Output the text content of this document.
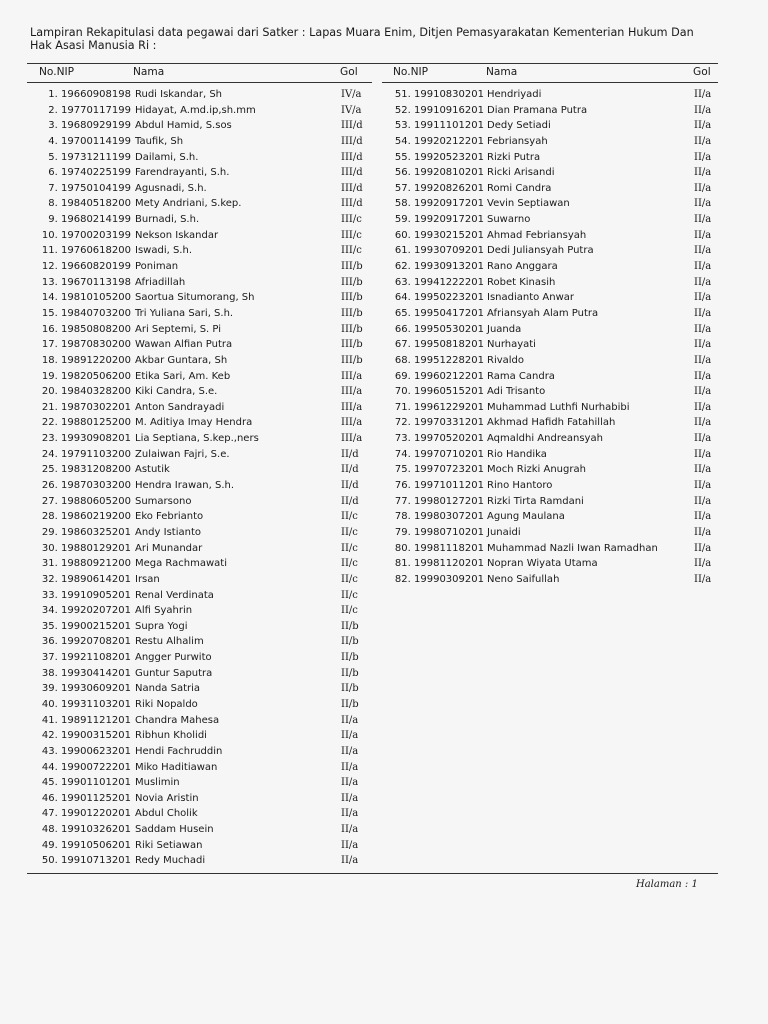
Lampiran Rekapitulasi data pegawai dari Satker : Lapas Muara Enim, Ditjen Pemasyarakatan Kementerian Hukum Dan
Hak Asasi Manusia Ri :
No.NIP	Nama	Gol
1. 19660908198 Rudi Iskandar, Sh	IV/a
2. 19770117199 Hidayat, A.md.ip,sh.mm	IV/a
3. 19680929199 Abdul Hamid, S.sos	III/d
4. 19700114199 Taufik, Sh	III/d
5. 19731211199 Dailami, S.h.	III/d
6. 19740225199 Farendrayanti, S.h.	III/d
7. 19750104199 Agusnadi, S.h.	III/d
8. 19840518200 Mety Andriani, S.kep.	III/d
9. 19680214199 Burnadi, S.h.	III/c
10. 19700203199 Nekson Iskandar	III/c
11. 19760618200 Iswadi, S.h.	III/c
12. 19660820199 Poniman	III/b
13. 19670113198 Afriadillah	III/b
14. 19810105200 Saortua Situmorang, Sh	III/b
15. 19840703200 Tri Yuliana Sari, S.h.	III/b
16. 19850808200 Ari Septemi, S. Pi	III/b
17. 19870830200 Wawan Alfian Putra	III/b
18. 19891220200 Akbar Guntara, Sh	III/b
19. 19820506200 Etika Sari, Am. Keb	III/a
20. 19840328200 Kiki Candra, S.e.	III/a
21. 19870302201 Anton Sandrayadi	III/a
22. 19880125200 M. Aditiya Imay Hendra	III/a
23. 19930908201 Lia Septiana, S.kep.,ners	III/a
24. 19791103200 Zulaiwan Fajri, S.e.	II/d
25. 19831208200 Astutik	II/d
26. 19870303200 Hendra Irawan, S.h.	II/d
27. 19880605200 Sumarsono	II/d
28. 19860219200 Eko Febrianto	II/c
29. 19860325201 Andy Istianto	II/c
30. 19880129201 Ari Munandar	II/c
31. 19880921200 Mega Rachmawati	II/c
32. 19890614201 Irsan	II/c
33. 19910905201 Renal Verdinata	II/c
34. 19920207201 Alfi Syahrin	II/c
35. 19900215201 Supra Yogi	II/b
36. 19920708201 Restu Alhalim	II/b
37. 19921108201 Angger Purwito	II/b
38. 19930414201 Guntur Saputra	II/b
39. 19930609201 Nanda Satria	II/b
40. 19931103201 Riki Nopaldo	II/b
41. 19891121201 Chandra Mahesa	II/a
42. 19900315201 Ribhun Kholidi	II/a
43. 19900623201 Hendi Fachruddin	II/a
44. 19900722201 Miko Haditiawan	II/a
45. 19901101201 Muslimin	II/a
46. 19901125201 Novia Aristin	II/a
47. 19901220201 Abdul Cholik	II/a
48. 19910326201 Saddam Husein	II/a
49. 19910506201 Riki Setiawan	II/a
50. 19910713201 Redy Muchadi	II/a
No.NIP	Nama	Gol
51. 19910830201 Hendriyadi	II/a
52. 19910916201 Dian Pramana Putra	II/a
53. 19911101201 Dedy Setiadi	II/a
54. 19920212201 Febriansyah	II/a
55. 19920523201 Rizki Putra	II/a
56. 19920810201 Ricki Arisandi	II/a
57. 19920826201 Romi Candra	II/a
58. 19920917201 Vevin Septiawan	II/a
59. 19920917201 Suwarno	II/a
60. 19930215201 Ahmad Febriansyah	II/a
61. 19930709201 Dedi Juliansyah Putra	II/a
62. 19930913201 Rano Anggara	II/a
63. 19941222201 Robet Kinasih	II/a
64. 19950223201 Isnadianto Anwar	II/a
65. 19950417201 Afriansyah Alam Putra	II/a
66. 19950530201 Juanda	II/a
67. 19950818201 Nurhayati	II/a
68. 19951228201 Rivaldo	II/a
69. 19960212201 Rama Candra	II/a
70. 19960515201 Adi Trisanto	II/a
71. 19961229201 Muhammad Luthfi Nurhabibi	II/a
72. 19970331201 Akhmad Hafidh Fatahillah	II/a
73. 19970520201 Aqmaldhi Andreansyah	II/a
74. 19970710201 Rio Handika	II/a
75. 19970723201 Moch Rizki Anugrah	II/a
76. 19971011201 Rino Hantoro	II/a
77. 19980127201 Rizki Tirta Ramdani	II/a
78. 19980307201 Agung Maulana	II/a
79. 19980710201 Junaidi	II/a
80. 19981118201 Muhammad Nazli Iwan Ramadhan	II/a
81. 19981120201 Nopran Wiyata Utama	II/a
82. 19990309201 Neno Saifullah	II/a
Halaman : 1
